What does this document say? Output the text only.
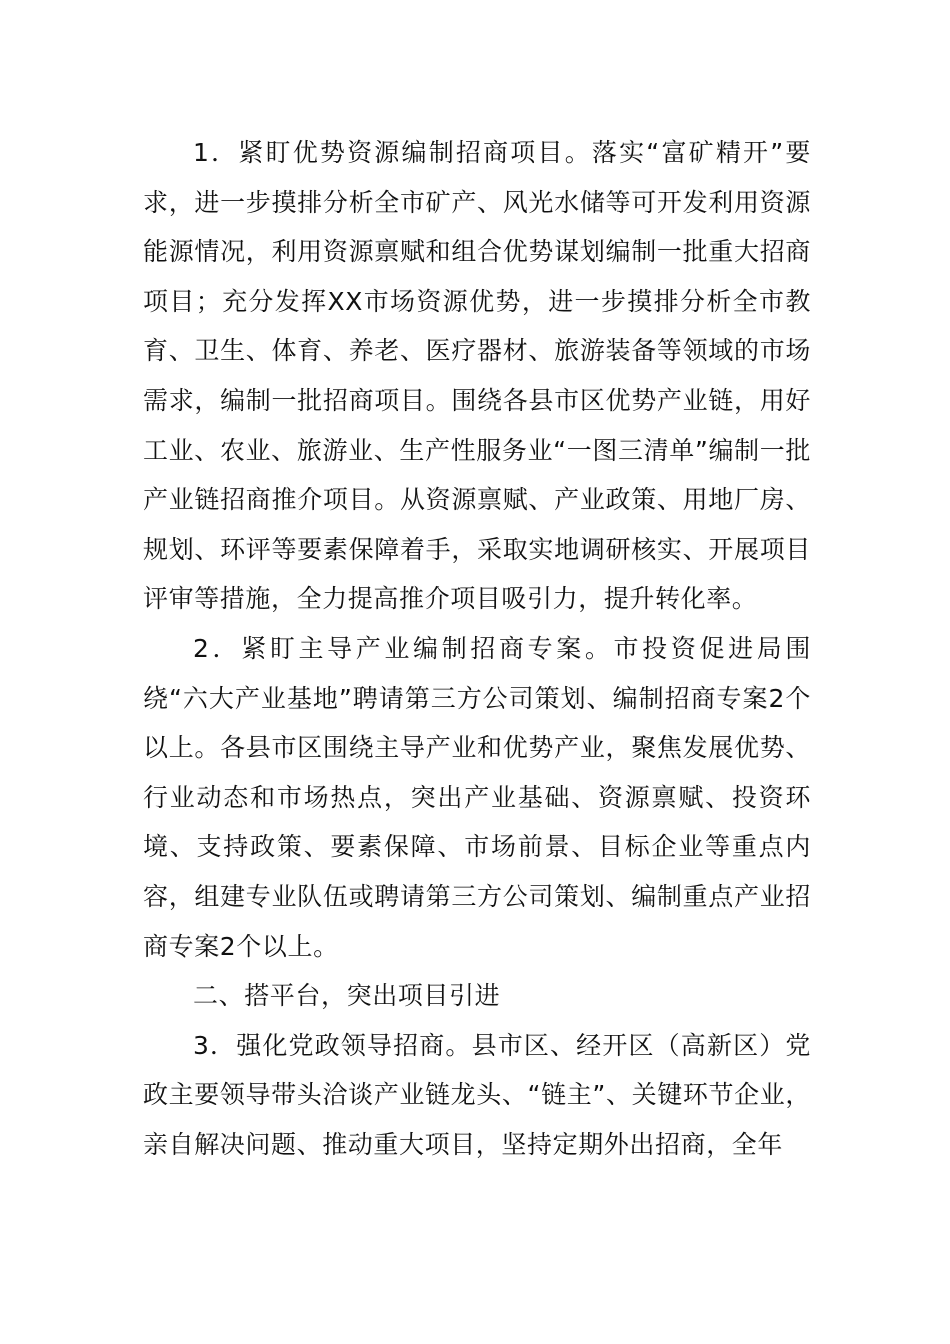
1．紧盯优势资源编制招商项目。落实“富矿精开”要求，进一步摸排分析全市矿产、风光水储等可开发利用资源能源情况，利用资源禀赋和组合优势谋划编制一批重大招商项目；充分发挥XX市场资源优势，进一步摸排分析全市教育、卫生、体育、养老、医疗器材、旅游装备等领域的市场需求，编制一批招商项目。围绕各县市区优势产业链，用好工业、农业、旅游业、生产性服务业“一图三清单”编制一批产业链招商推介项目。从资源禀赋、产业政策、用地厂房、规划、环评等要素保障着手，采取实地调研核实、开展项目评审等措施，全力提高推介项目吸引力，提升转化率。

2．紧盯主导产业编制招商专案。市投资促进局围绕“六大产业基地”聘请第三方公司策划、编制招商专案2个以上。各县市区围绕主导产业和优势产业，聚焦发展优势、行业动态和市场热点，突出产业基础、资源禀赋、投资环境、支持政策、要素保障、市场前景、目标企业等重点内容，组建专业队伍或聘请第三方公司策划、编制重点产业招商专案2个以上。

二、搭平台，突出项目引进

3．强化党政领导招商。县市区、经开区（高新区）党政主要领导带头洽谈产业链龙头、“链主”、关键环节企业，亲自解决问题、推动重大项目，坚持定期外出招商，全年
